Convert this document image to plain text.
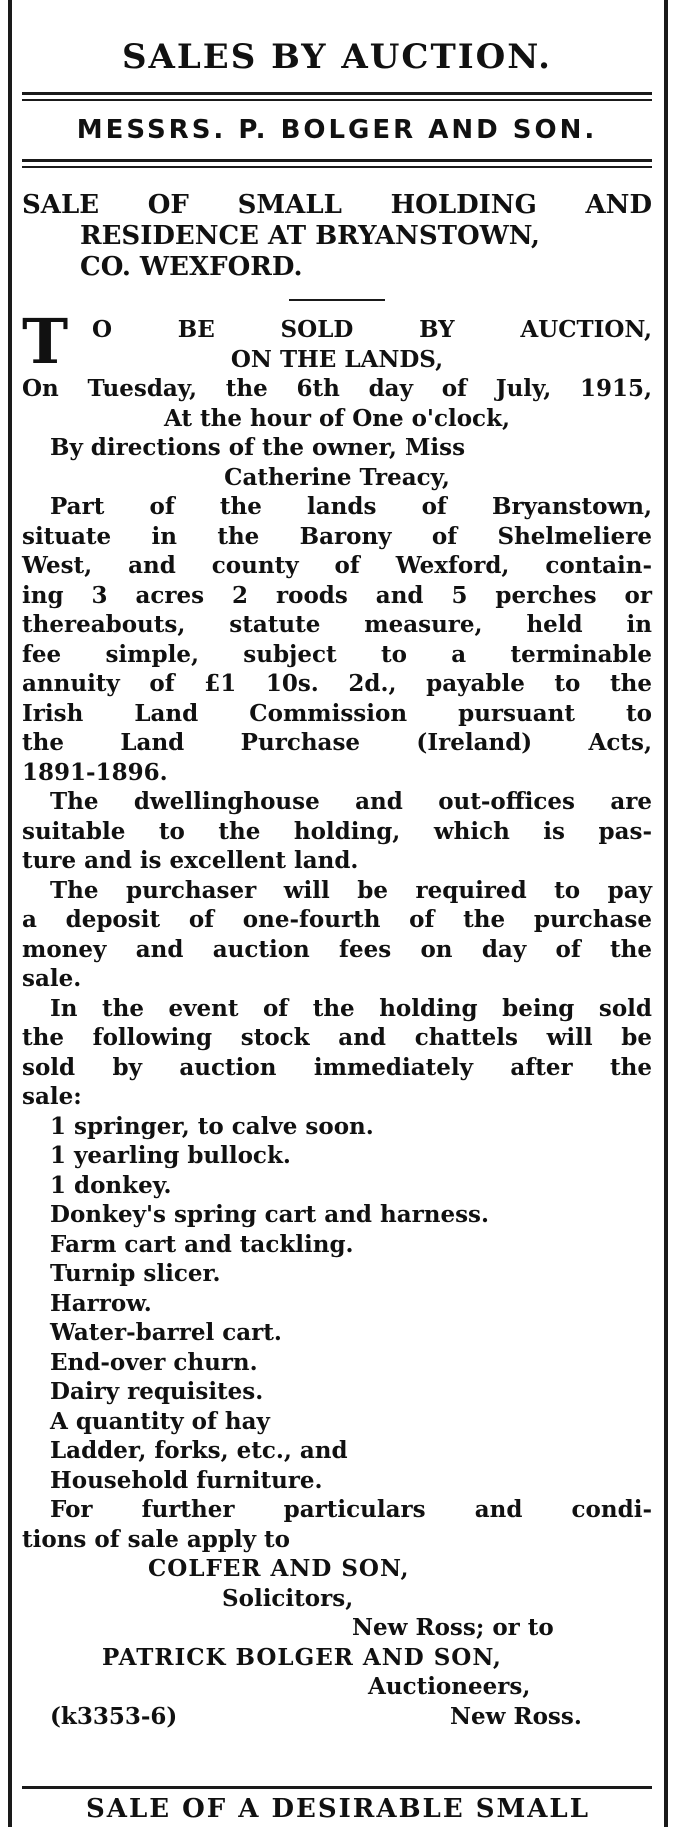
SALES BY AUCTION.
MESSRS. P. BOLGER AND SON.
SALE OF SMALL HOLDING AND
RESIDENCE AT BRYANSTOWN,
CO. WEXFORD.
T	O BE SOLD BY AUCTION,
ON THE LANDS,
On Tuesday, the 6th day of July, 1915,
At the hour of One o'clock,
By directions of the owner, Miss
Catherine Treacy,
Part of the lands of Bryanstown,
situate in the Barony of Shelmeliere
West, and county of Wexford, contain-
ing 3 acres 2 roods and 5 perches or
thereabouts, statute measure, held in
fee simple, subject to a terminable
annuity of £1 10s. 2d., payable to the
Irish Land Commission pursuant to
the Land Purchase (Ireland) Acts,
1891-1896.
The dwellinghouse and out-offices are
suitable to the holding, which is pas-
ture and is excellent land.
The purchaser will be required to pay
a deposit of one-fourth of the purchase
money and auction fees on day of the
sale.
In the event of the holding being sold
the following stock and chattels will be
sold by auction immediately after the
sale:
1 springer, to calve soon.
1 yearling bullock.
1 donkey.
Donkey's spring cart and harness.
Farm cart and tackling.
Turnip slicer.
Harrow.
Water-barrel cart.
End-over churn.
Dairy requisites.
A quantity of hay
Ladder, forks, etc., and
Household furniture.
For further particulars and condi-
tions of sale apply to
COLFER AND SON,
Solicitors,
New Ross; or to
PATRICK BOLGER AND SON,
Auctioneers,
(k3353-6)	New Ross.
SALE OF A DESIRABLE SMALL
